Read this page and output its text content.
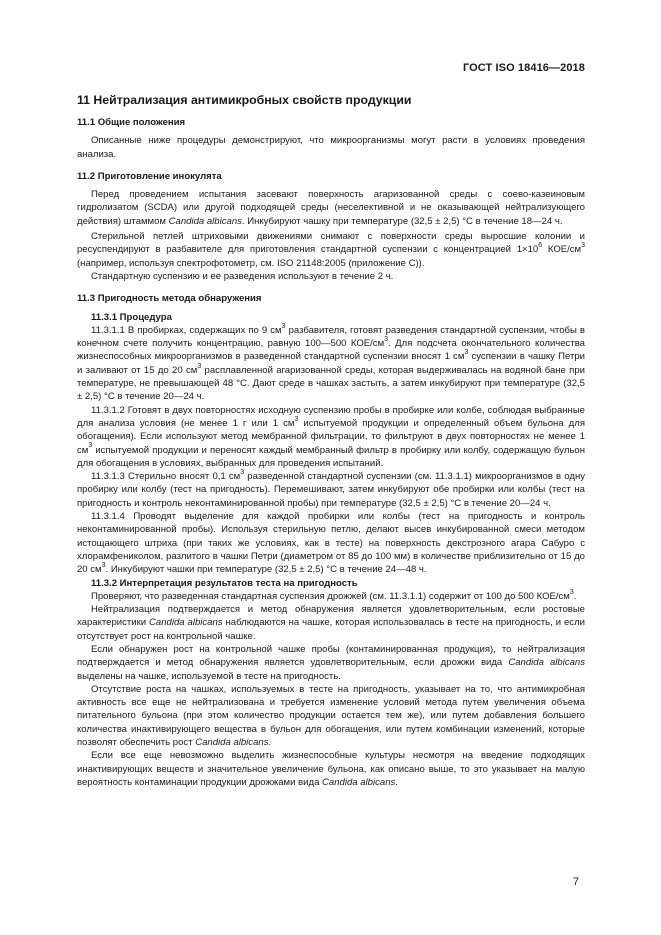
ГОСТ ISO 18416—2018

11 Нейтрализация антимикробных свойств продукции

11.1 Общие положения

Описанные ниже процедуры демонстрируют, что микроорганизмы могут расти в условиях проведения анализа.

11.2 Приготовление инокулята

Перед проведением испытания засевают поверхность агаризованной среды с соево-казеиновым гидролизатом (SCDA) или другой подходящей среды (неселективной и не оказывающей нейтрализующего действия) штаммом Candida albicans. Инкубируют чашку при температуре (32,5 ± 2,5) °С в течение 18—24 ч.

Стерильной петлей штриховыми движениями снимают с поверхности среды выросшие колонии и ресуспендируют в разбавителе для приготовления стандартной суспензии с концентрацией $1\times 10^6$ КОЕ/$см^3$ (например, используя спектрофотометр, см. ISO 21148:2005 (приложение С)).

Стандартную суспензию и ее разведения используют в течение 2 ч.

11.3 Пригодность метода обнаружения

11.3.1 Процедура

11.3.1.1 В пробирках, содержащих по 9 $см^3$ разбавителя, готовят разведения стандартной суспензии, чтобы в конечном счете получить концентрацию, равную 100—500 КОЕ/$см^3$. Для подсчета окончательного количества жизнеспособных микроорганизмов в разведенной стандартной суспензии вносят 1 $см^3$ суспензии в чашку Петри и заливают от 15 до 20 $см^3$ расплавленной агаризованной среды, которая выдерживалась на водяной бане при температуре, не превышающей 48 °С. Дают среде в чашках застыть, а затем инкубируют при температуре (32,5 ± 2,5) °С в течение 20—24 ч.

11.3.1.2 Готовят в двух повторностях исходную суспензию пробы в пробирке или колбе, соблюдая выбранные для анализа условия (не менее 1 г или 1 $см^3$ испытуемой продукции и определенный объем бульона для обогащения). Если используют метод мембранной фильтрации, то фильтруют в двух повторностях не менее 1 $см^3$ испытуемой продукции и переносят каждый мембранный фильтр в пробирку или колбу, содержащую бульон для обогащения в условиях, выбранных для проведения испытаний.

11.3.1.3 Стерильно вносят 0,1 $см^3$ разведенной стандартной суспензии (см. 11.3.1.1) микроорганизмов в одну пробирку или колбу (тест на пригодность). Перемешивают, затем инкубируют обе пробирки или колбы (тест на пригодность и контроль неконтаминированной пробы) при температуре (32,5 ± 2,5) °С в течение 20—24 ч.

11.3.1.4 Проводят выделение для каждой пробирки или колбы (тест на пригодность и контроль неконтаминированной пробы). Используя стерильную петлю, делают высев инкубированной смеси методом истощающего штриха (при таких же условиях, как в тесте) на поверхность декстрозного агара Сабуро с хлорамфениколом, разлитого в чашки Петри (диаметром от 85 до 100 мм) в количестве приблизительно от 15 до 20 $см^3$. Инкубируют чашки при температуре (32,5 ± 2,5) °С в течение 24—48 ч.

11.3.2 Интерпретация результатов теста на пригодность

Проверяют, что разведенная стандартная суспензия дрожжей (см. 11.3.1.1) содержит от 100 до 500 КОЕ/$см^3$.

Нейтрализация подтверждается и метод обнаружения является удовлетворительным, если ростовые характеристики Candida albicans наблюдаются на чашке, которая использовалась в тесте на пригодность, и если отсутствует рост на контрольной чашке.

Если обнаружен рост на контрольной чашке пробы (контаминированная продукция), то нейтрализация подтверждается и метод обнаружения является удовлетворительным, если дрожжи вида Candida albicans выделены на чашке, используемой в тесте на пригодность.

Отсутствие роста на чашках, используемых в тесте на пригодность, указывает на то, что антимикробная активность все еще не нейтрализована и требуется изменение условий метода путем увеличения объема питательного бульона (при этом количество продукции остается тем же), или путем добавления большего количества инактивирующего вещества в бульон для обогащения, или путем комбинации изменений, которые позволят обеспечить рост Candida albicans.

Если все еще невозможно выделить жизнеспособные культуры несмотря на введение подходящих инактивирующих веществ и значительное увеличение бульона, как описано выше, то это указывает на малую вероятность контаминации продукции дрожжами вида Candida albicans.

7
